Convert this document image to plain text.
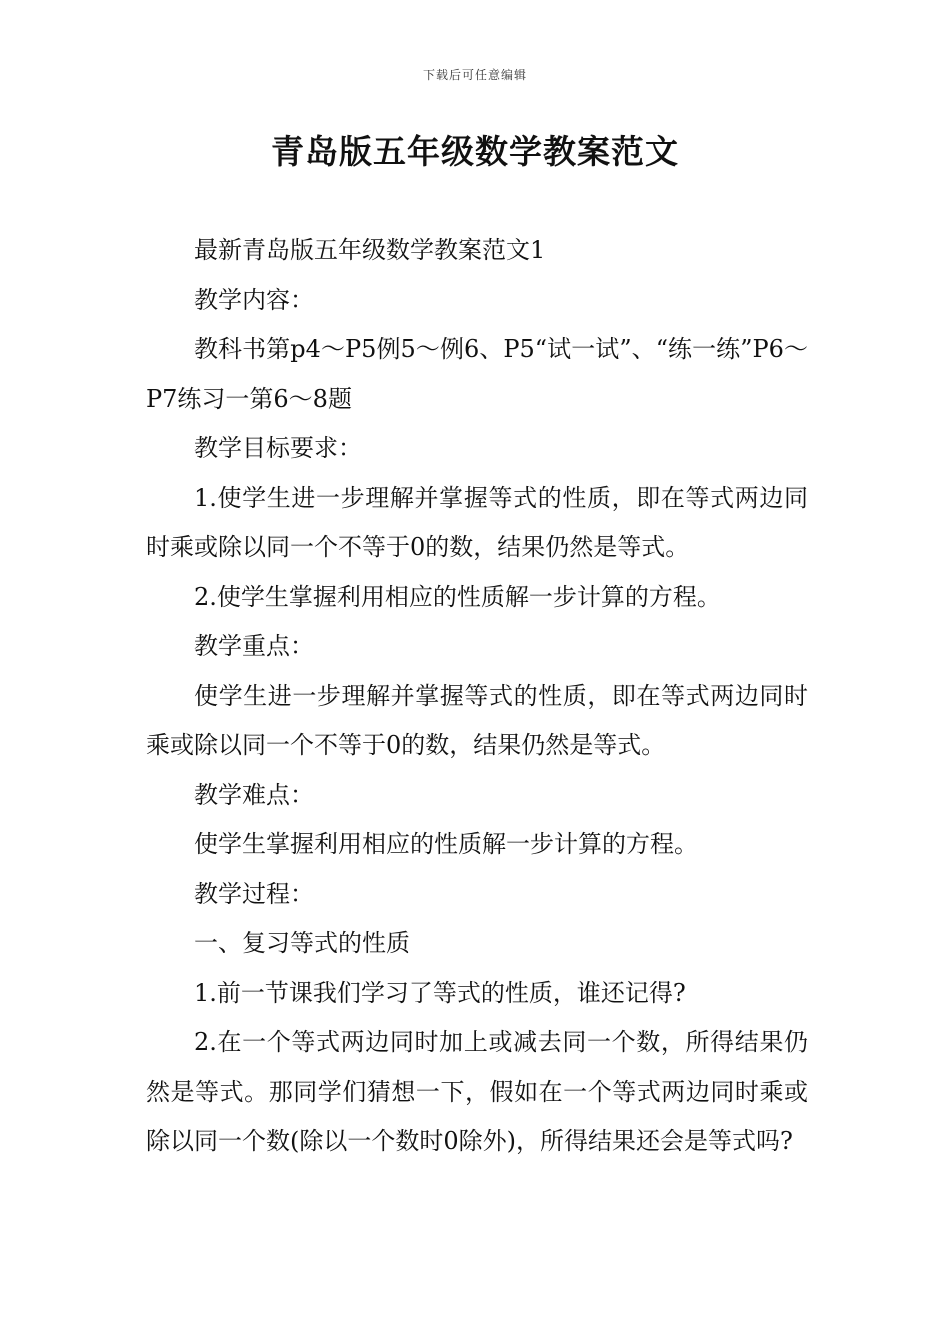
下载后可任意编辑
青岛版五年级数学教案范文

最新青岛版五年级数学教案范文1

教学内容：

教科书第p4～P5例5～例6、P5“试一试”、“练一练”P6～P7练习一第6～8题

教学目标要求：

1.使学生进一步理解并掌握等式的性质，即在等式两边同时乘或除以同一个不等于0的数，结果仍然是等式。

2.使学生掌握利用相应的性质解一步计算的方程。

教学重点：

使学生进一步理解并掌握等式的性质，即在等式两边同时乘或除以同一个不等于0的数，结果仍然是等式。

教学难点：

使学生掌握利用相应的性质解一步计算的方程。

教学过程：

一、复习等式的性质

1.前一节课我们学习了等式的性质，谁还记得?

2.在一个等式两边同时加上或减去同一个数，所得结果仍然是等式。那同学们猜想一下，假如在一个等式两边同时乘或除以同一个数(除以一个数时0除外)，所得结果还会是等式吗?
